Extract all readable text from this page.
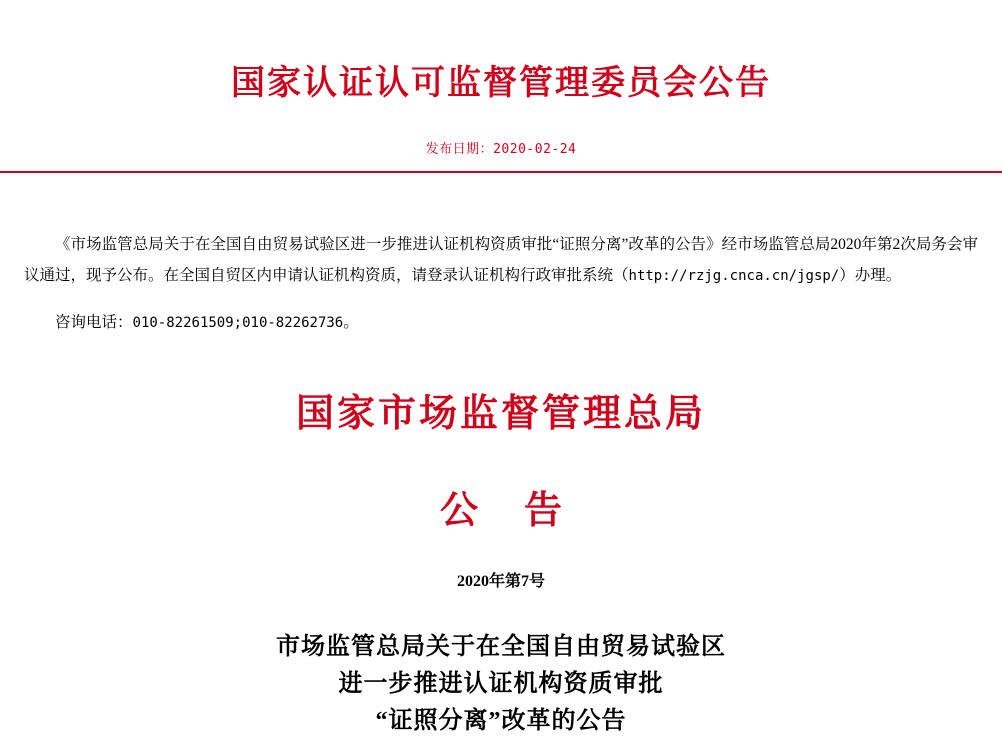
国家认证认可监督管理委员会公告
发布日期：2020-02-24

《市场监管总局关于在全国自由贸易试验区进一步推进认证机构资质审批“证照分离”改革的公告》经市场监管总局2020年第2次局务会审议通过，现予公布。在全国自贸区内申请认证机构资质，请登录认证机构行政审批系统（http://rzjg.cnca.cn/jgsp/）办理。

咨询电话：010-82261509;010-82262736。

国家市场监督管理总局
公告
2020年第7号
市场监管总局关于在全国自由贸易试验区
进一步推进认证机构资质审批
“证照分离”改革的公告
